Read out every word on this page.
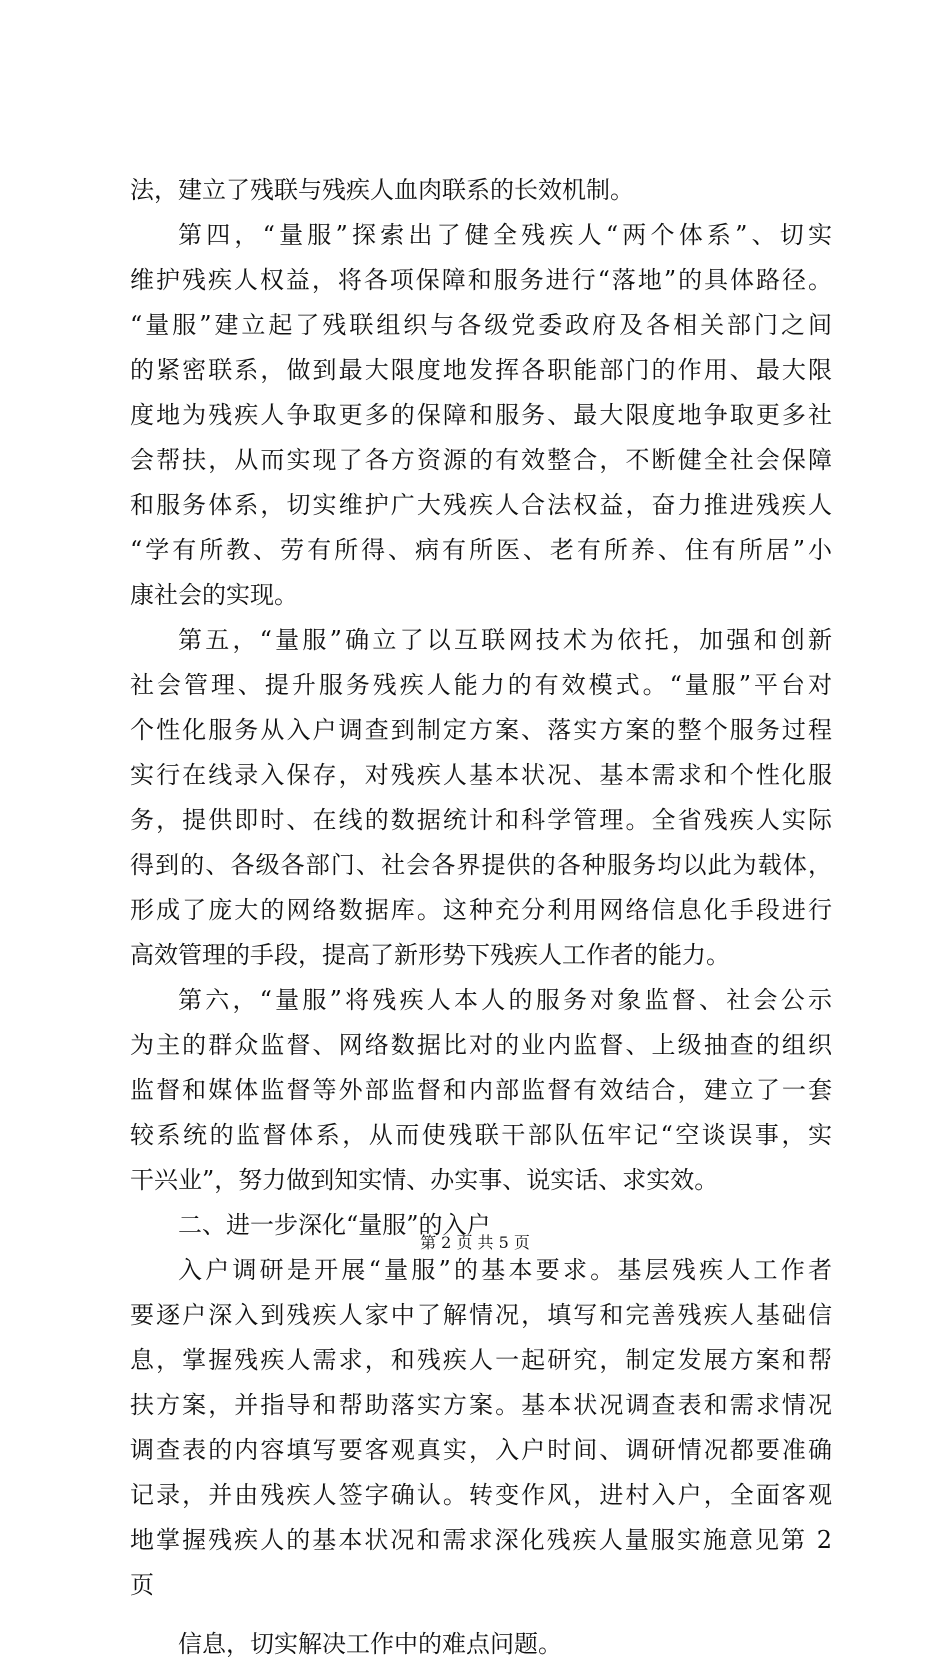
法，建立了残联与残疾人血肉联系的长效机制。
第四，“量服”探索出了健全残疾人“两个体系”、切实
维护残疾人权益，将各项保障和服务进行“落地”的具体路径。
“量服”建立起了残联组织与各级党委政府及各相关部门之间
的紧密联系，做到最大限度地发挥各职能部门的作用、最大限
度地为残疾人争取更多的保障和服务、最大限度地争取更多社
会帮扶，从而实现了各方资源的有效整合，不断健全社会保障
和服务体系，切实维护广大残疾人合法权益，奋力推进残疾人
“学有所教、劳有所得、病有所医、老有所养、住有所居”小
康社会的实现。
第五，“量服”确立了以互联网技术为依托，加强和创新
社会管理、提升服务残疾人能力的有效模式。“量服”平台对
个性化服务从入户调查到制定方案、落实方案的整个服务过程
实行在线录入保存，对残疾人基本状况、基本需求和个性化服
务，提供即时、在线的数据统计和科学管理。全省残疾人实际
得到的、各级各部门、社会各界提供的各种服务均以此为载体，
形成了庞大的网络数据库。这种充分利用网络信息化手段进行
高效管理的手段，提高了新形势下残疾人工作者的能力。
第六，“量服”将残疾人本人的服务对象监督、社会公示
为主的群众监督、网络数据比对的业内监督、上级抽查的组织
监督和媒体监督等外部监督和内部监督有效结合，建立了一套
较系统的监督体系，从而使残联干部队伍牢记“空谈误事，实
干兴业”，努力做到知实情、办实事、说实话、求实效。
二、进一步深化“量服”的入户
入户调研是开展“量服”的基本要求。基层残疾人工作者
要逐户深入到残疾人家中了解情况，填写和完善残疾人基础信
息，掌握残疾人需求，和残疾人一起研究，制定发展方案和帮
扶方案，并指导和帮助落实方案。基本状况调查表和需求情况
调查表的内容填写要客观真实，入户时间、调研情况都要准确
记录，并由残疾人签字确认。转变作风，进村入户，全面客观
地掌握残疾人的基本状况和需求深化残疾人量服实施意见第 2
页
信息，切实解决工作中的难点问题。
第 2 页 共 5 页
